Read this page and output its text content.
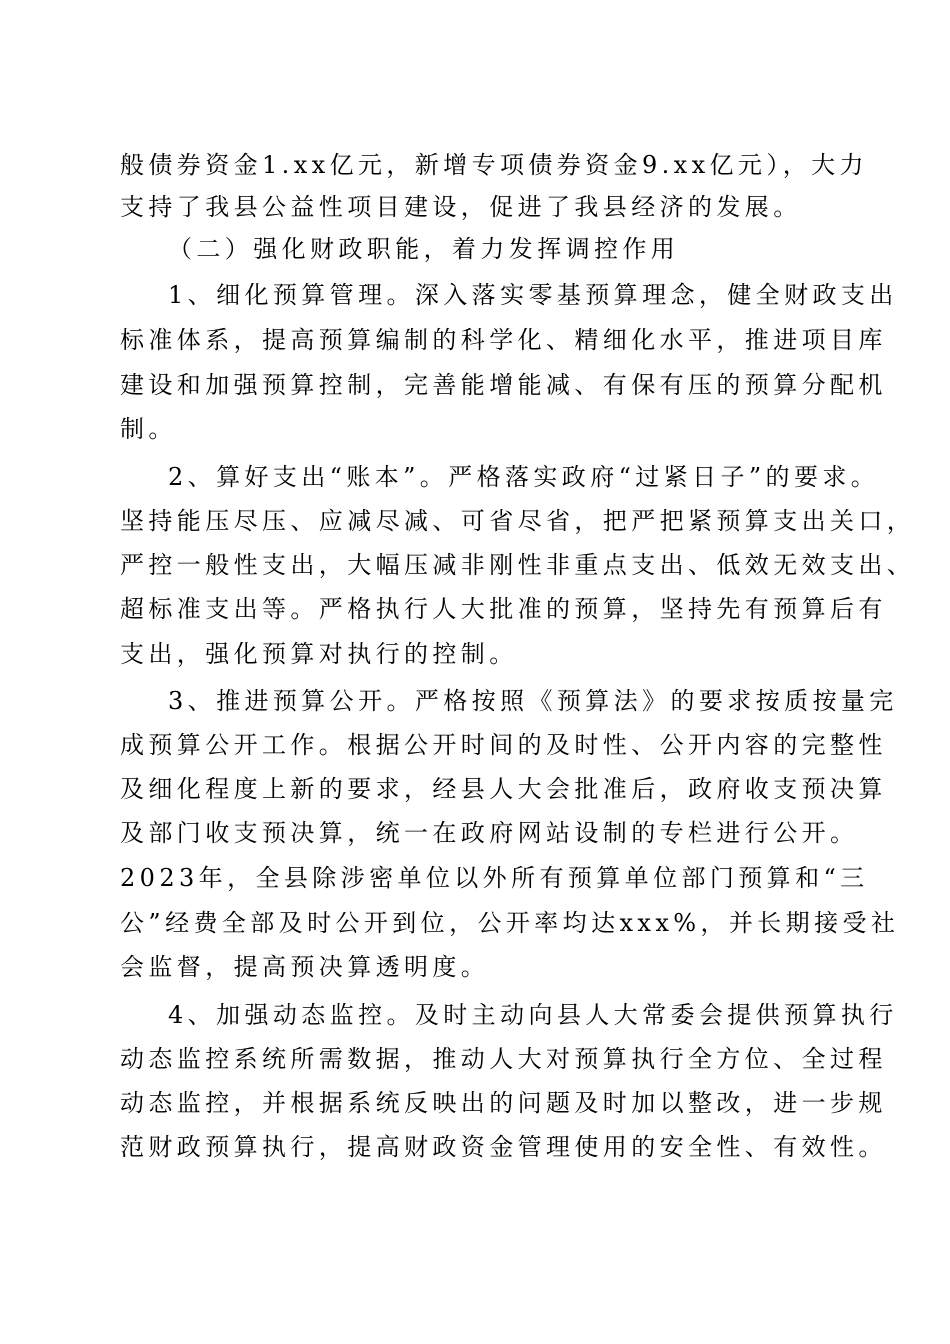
般债券资金1.xx亿元，新增专项债券资金9.xx亿元），大力

支持了我县公益性项目建设，促进了我县经济的发展。

（二）强化财政职能，着力发挥调控作用

1、细化预算管理。深入落实零基预算理念，健全财政支出

标准体系，提高预算编制的科学化、精细化水平，推进项目库

建设和加强预算控制，完善能增能减、有保有压的预算分配机

制。

2、算好支出“账本”。严格落实政府“过紧日子”的要求。

坚持能压尽压、应减尽减、可省尽省，把严把紧预算支出关口，

严控一般性支出，大幅压减非刚性非重点支出、低效无效支出、

超标准支出等。严格执行人大批准的预算，坚持先有预算后有

支出，强化预算对执行的控制。

3、推进预算公开。严格按照《预算法》的要求按质按量完

成预算公开工作。根据公开时间的及时性、公开内容的完整性

及细化程度上新的要求，经县人大会批准后，政府收支预决算

及部门收支预决算，统一在政府网站设制的专栏进行公开。

2023年，全县除涉密单位以外所有预算单位部门预算和“三

公”经费全部及时公开到位，公开率均达xxx%，并长期接受社

会监督，提高预决算透明度。

4、加强动态监控。及时主动向县人大常委会提供预算执行

动态监控系统所需数据，推动人大对预算执行全方位、全过程

动态监控，并根据系统反映出的问题及时加以整改，进一步规

范财政预算执行，提高财政资金管理使用的安全性、有效性。
